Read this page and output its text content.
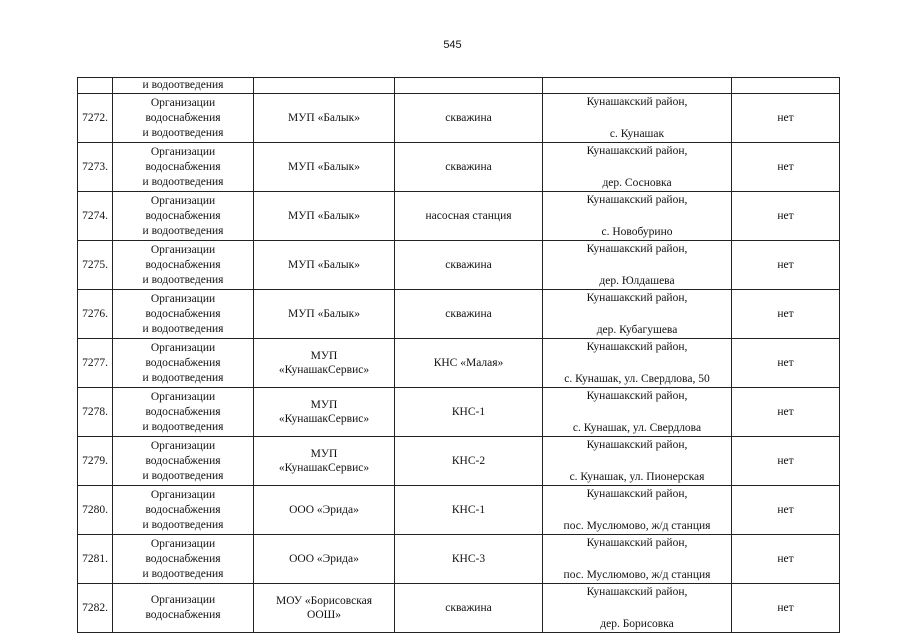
545
	и водоотведения				
7272.	Организации
водоснабжения
и водоотведения	МУП «Балык»	скважина	Кунашакский район,

с. Кунашак	нет
7273.	Организации
водоснабжения
и водоотведения	МУП «Балык»	скважина	Кунашакский район,

дер. Сосновка	нет
7274.	Организации
водоснабжения
и водоотведения	МУП «Балык»	насосная станция	Кунашакский район,

с. Новобурино	нет
7275.	Организации
водоснабжения
и водоотведения	МУП «Балык»	скважина	Кунашакский район,

дер. Юлдашева	нет
7276.	Организации
водоснабжения
и водоотведения	МУП «Балык»	скважина	Кунашакский район,

дер. Кубагушева	нет
7277.	Организации
водоснабжения
и водоотведения	МУП
«КунашакСервис»	КНС «Малая»	Кунашакский район,

с. Кунашак, ул. Свердлова, 50	нет
7278.	Организации
водоснабжения
и водоотведения	МУП
«КунашакСервис»	КНС-1	Кунашакский район,

с. Кунашак, ул. Свердлова	нет
7279.	Организации
водоснабжения
и водоотведения	МУП
«КунашакСервис»	КНС-2	Кунашакский район,

с. Кунашак, ул. Пионерская	нет
7280.	Организации
водоснабжения
и водоотведения	ООО «Эрида»	КНС-1	Кунашакский район,

пос. Муслюмово, ж/д станция	нет
7281.	Организации
водоснабжения
и водоотведения	ООО «Эрида»	КНС-3	Кунашакский район,

пос. Муслюмово, ж/д станция	нет
7282.	Организации
водоснабжения	МОУ «Борисовская
ООШ»	скважина	Кунашакский район,

дер. Борисовка	нет
